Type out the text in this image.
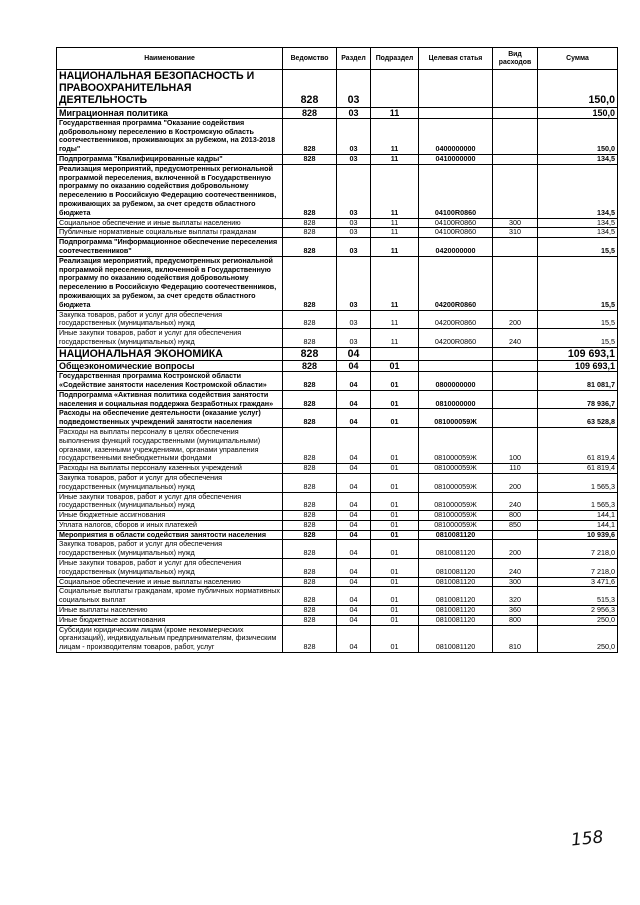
Наименование	Ведомство	Раздел	Подраздел	Целевая статья	Вид расходов	Сумма
НАЦИОНАЛЬНАЯ БЕЗОПАСНОСТЬ И ПРАВООХРАНИТЕЛЬНАЯ ДЕЯТЕЛЬНОСТЬ	828	03				150,0
Миграционная политика	828	03	11			150,0
Государственная программа "Оказание содействия добровольному переселению в Костромскую область соотечественников, проживающих за рубежом, на 2013-2018 годы"	828	03	11	0400000000		150,0
Подпрограмма "Квалифицированные кадры"	828	03	11	0410000000		134,5
Реализация мероприятий, предусмотренных региональной программой переселения, включенной в Государственную программу по оказанию содействия добровольному переселению в Российскую Федерацию соотечественников, проживающих за рубежом, за счет средств областного бюджета	828	03	11	04100R0860		134,5
Социальное обеспечение и иные выплаты населению	828	03	11	04100R0860	300	134,5
Публичные нормативные социальные выплаты гражданам	828	03	11	04100R0860	310	134,5
Подпрограмма "Информационное обеспечение переселения соотечественников"	828	03	11	0420000000		15,5
Реализация мероприятий, предусмотренных региональной программой переселения, включенной в Государственную программу по оказанию содействия добровольному переселению в Российскую Федерацию соотечественников, проживающих за рубежом, за счет средств областного бюджета	828	03	11	04200R0860		15,5
Закупка товаров, работ и услуг для обеспечения государственных (муниципальных) нужд	828	03	11	04200R0860	200	15,5
Иные закупки товаров, работ и услуг для обеспечения государственных (муниципальных) нужд	828	03	11	04200R0860	240	15,5
НАЦИОНАЛЬНАЯ ЭКОНОМИКА	828	04				109 693,1
Общеэкономические вопросы	828	04	01			109 693,1
Государственная программа Костромской области «Содействие занятости населения Костромской области»	828	04	01	0800000000		81 081,7
Подпрограмма «Активная политика содействия занятости населения и социальная поддержка безработных граждан»	828	04	01	0810000000		78 936,7
Расходы на обеспечение деятельности (оказание услуг) подведомственных учреждений занятости населения	828	04	01	081000059Ж		63 528,8
Расходы на выплаты персоналу в целях обеспечения выполнения функций государственными (муниципальными) органами, казенными учреждениями, органами управления государственными внебюджетными фондами	828	04	01	081000059Ж	100	61 819,4
Расходы на выплаты персоналу казенных учреждений	828	04	01	081000059Ж	110	61 819,4
Закупка товаров, работ и услуг для обеспечения государственных (муниципальных) нужд	828	04	01	081000059Ж	200	1 565,3
Иные закупки товаров, работ и услуг для обеспечения государственных (муниципальных) нужд	828	04	01	081000059Ж	240	1 565,3
Иные бюджетные ассигнования	828	04	01	081000059Ж	800	144,1
Уплата налогов, сборов и иных платежей	828	04	01	081000059Ж	850	144,1
Мероприятия в области содействия занятости населения	828	04	01	0810081120		10 939,6
Закупка товаров, работ и услуг для обеспечения государственных (муниципальных) нужд	828	04	01	0810081120	200	7 218,0
Иные закупки товаров, работ и услуг для обеспечения государственных (муниципальных) нужд	828	04	01	0810081120	240	7 218,0
Социальное обеспечение и иные выплаты населению	828	04	01	0810081120	300	3 471,6
Социальные выплаты гражданам, кроме публичных нормативных социальных выплат	828	04	01	0810081120	320	515,3
Иные выплаты населению	828	04	01	0810081120	360	2 956,3
Иные бюджетные ассигнования	828	04	01	0810081120	800	250,0
Субсидии юридическим лицам (кроме некоммерческих организаций), индивидуальным предпринимателям, физическим лицам - производителям товаров, работ, услуг	828	04	01	0810081120	810	250,0
158
